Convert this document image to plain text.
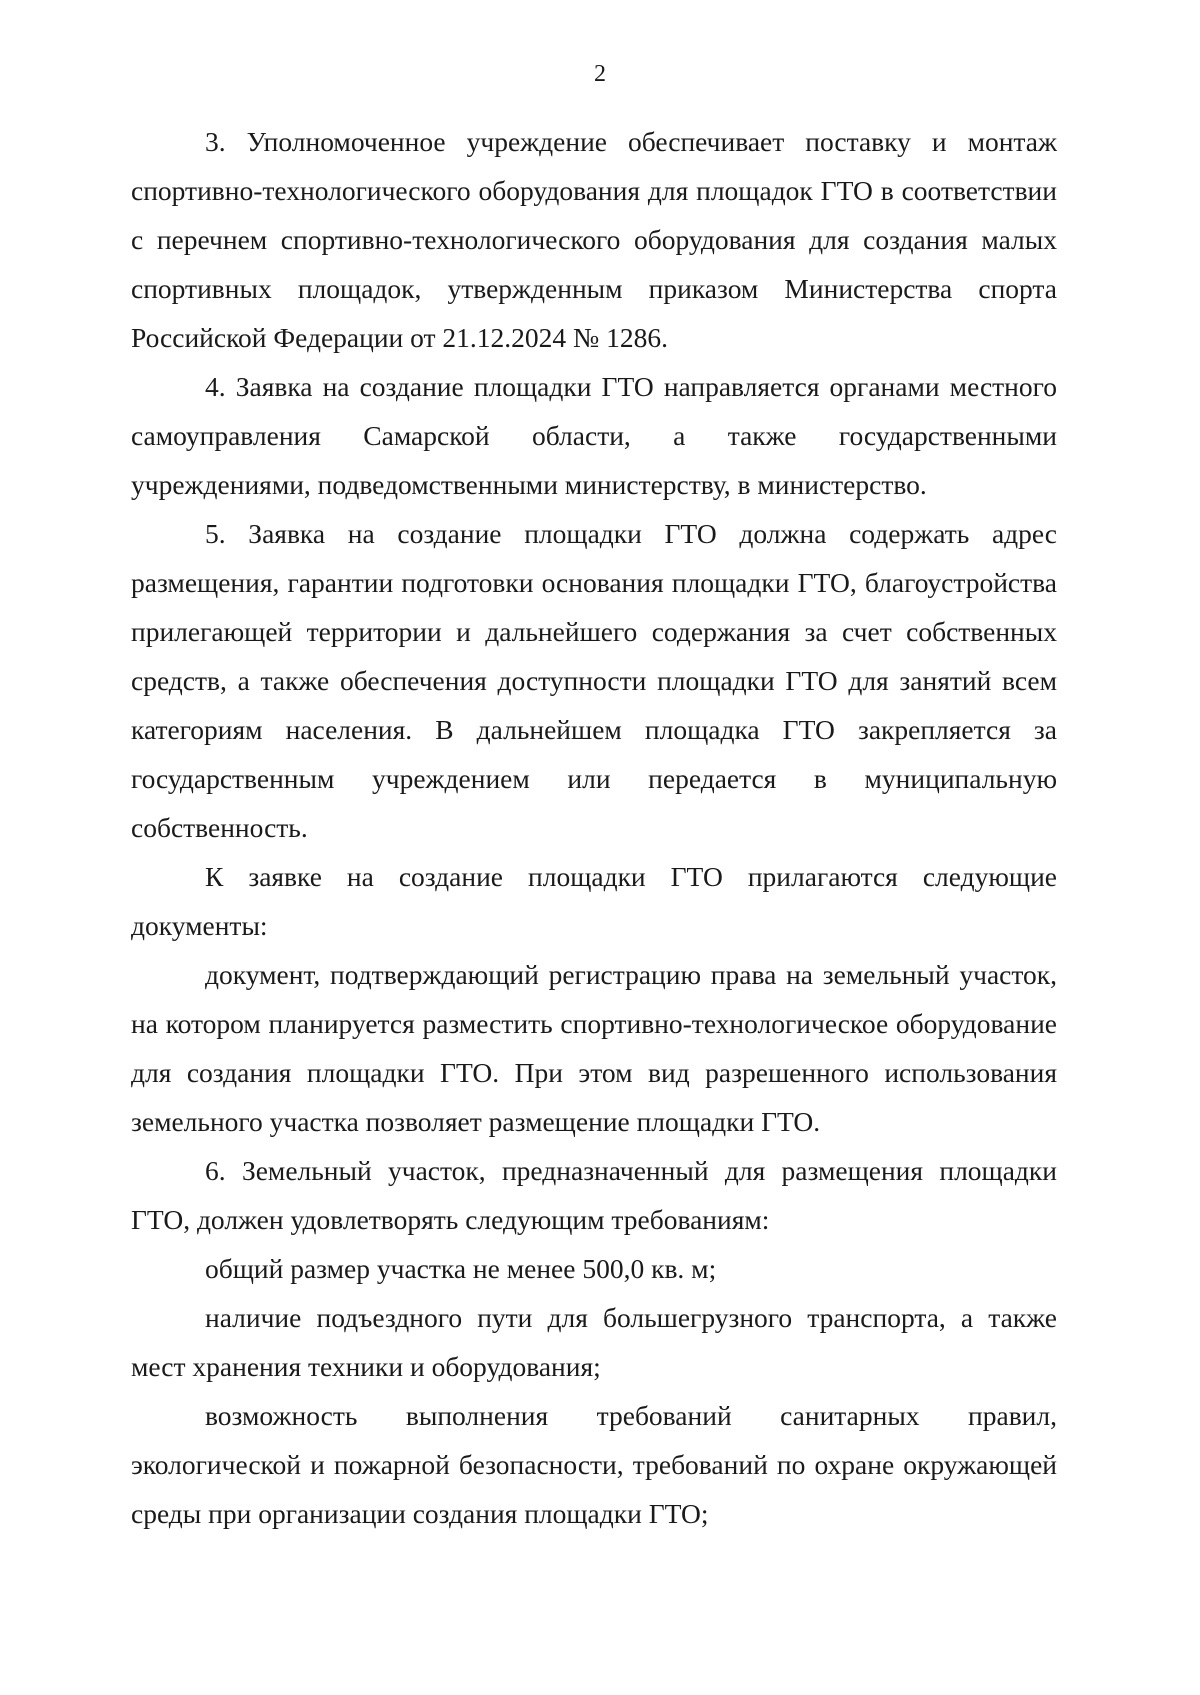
2

3. Уполномоченное учреждение обеспечивает поставку и монтаж спортивно-технологического оборудования для площадок ГТО в соответствии с перечнем спортивно-технологического оборудования для создания малых спортивных площадок, утвержденным приказом Министерства спорта Российской Федерации от 21.12.2024 № 1286.

4. Заявка на создание площадки ГТО направляется органами местного самоуправления Самарской области, а также государственными учреждениями, подведомственными министерству, в министерство.

5. Заявка на создание площадки ГТО должна содержать адрес размещения, гарантии подготовки основания площадки ГТО, благоустройства прилегающей территории и дальнейшего содержания за счет собственных средств, а также обеспечения доступности площадки ГТО для занятий всем категориям населения. В дальнейшем площадка ГТО закрепляется за государственным учреждением или передается в муниципальную собственность.

К заявке на создание площадки ГТО прилагаются следующие документы:

документ, подтверждающий регистрацию права на земельный участок, на котором планируется разместить спортивно-технологическое оборудование для создания площадки ГТО. При этом вид разрешенного использования земельного участка позволяет размещение площадки ГТО.

6. Земельный участок, предназначенный для размещения площадки ГТО, должен удовлетворять следующим требованиям:

общий размер участка не менее 500,0 кв. м;

наличие подъездного пути для большегрузного транспорта, а также мест хранения техники и оборудования;

возможность выполнения требований санитарных правил, экологической и пожарной безопасности, требований по охране окружающей среды при организации создания площадки ГТО;
